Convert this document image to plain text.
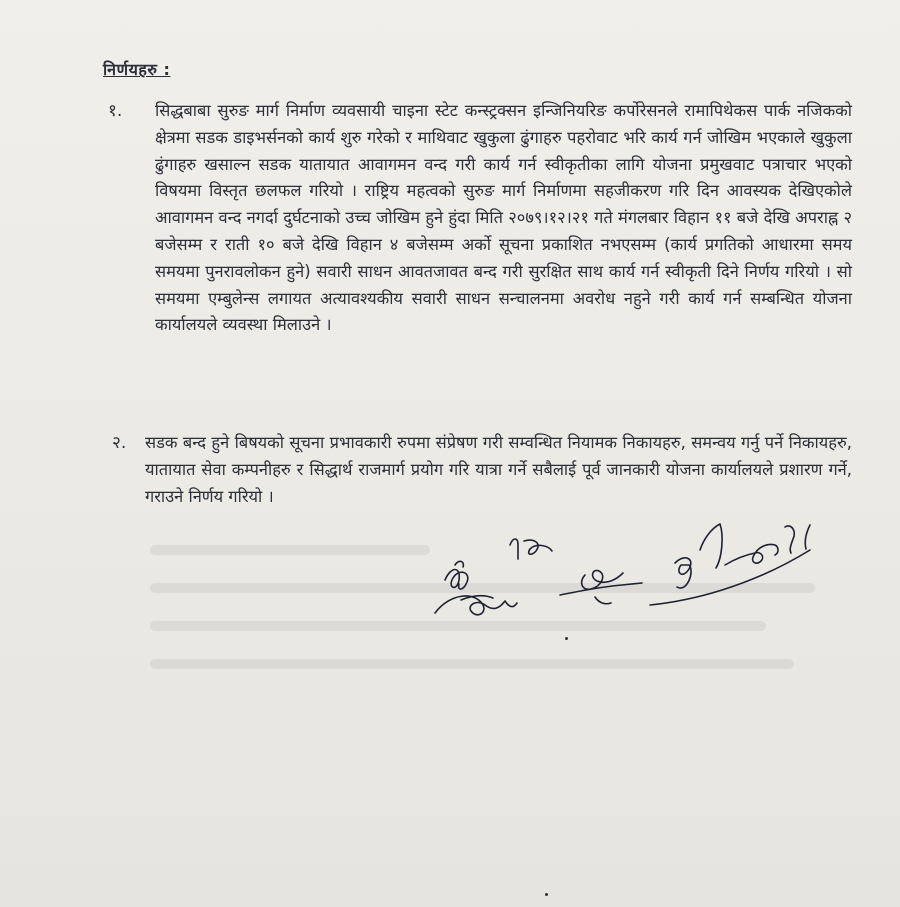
निर्णयहरु :
१. सिद्धबाबा सुरुङ मार्ग निर्माण व्यवसायी चाइना स्टेट कन्स्ट्रक्सन इन्जिनियरिङ कर्पोरेसनले रामापिथेकस पार्क नजिकको क्षेत्रमा सडक डाइभर्सनको कार्य शुरु गरेको र माथिवाट खुकुला ढुंगाहरु पहरोवाट भरि कार्य गर्न जोखिम भएकाले खुकुला ढुंगाहरु खसाल्न सडक यातायात आवागमन वन्द गरी कार्य गर्न स्वीकृतीका लागि योजना प्रमुखवाट पत्राचार भएको विषयमा विस्तृत छलफल गरियो । राष्ट्रिय महत्वको सुरुङ मार्ग निर्माणमा सहजीकरण गरि दिन आवस्यक देखिएकोले आवागमन वन्द नगर्दा दुर्घटनाको उच्च जोखिम हुने हुंदा मिति २०७९।१२।२१ गते मंगलबार विहान ११ बजे देखि अपराह्न २ बजेसम्म र राती १० बजे देखि विहान ४ बजेसम्म अर्को सूचना प्रकाशित नभएसम्म (कार्य प्रगतिको आधारमा समय समयमा पुनरावलोकन हुने) सवारी साधन आवतजावत बन्द गरी सुरक्षित साथ कार्य गर्न स्वीकृती दिने निर्णय गरियो । सो समयमा एम्बुलेन्स लगायत अत्यावश्यकीय सवारी साधन सन्चालनमा अवरोध नहुने गरी कार्य गर्न सम्बन्धित योजना कार्यालयले व्यवस्था मिलाउने ।
२. सडक बन्द हुने बिषयको सूचना प्रभावकारी रुपमा संप्रेषण गरी सम्वन्धित नियामक निकायहरु, समन्वय गर्नु पर्ने निकायहरु, यातायात सेवा कम्पनीहरु र सिद्धार्थ राजमार्ग प्रयोग गरि यात्रा गर्ने सबैलाई पूर्व जानकारी योजना कार्यालयले प्रशारण गर्ने, गराउने निर्णय गरियो ।
